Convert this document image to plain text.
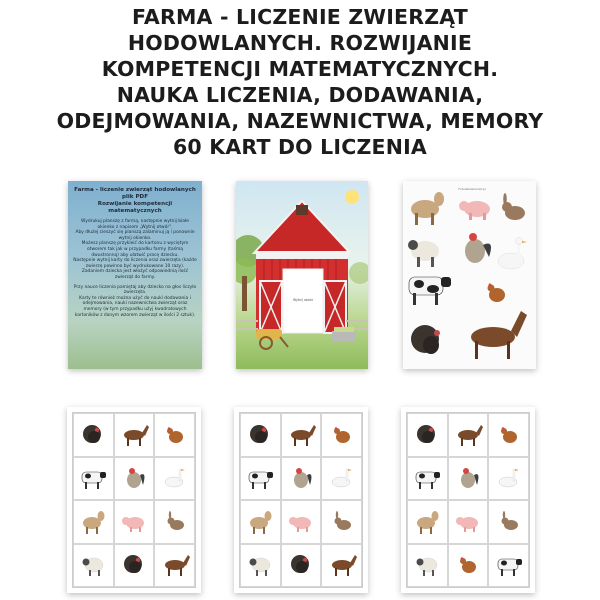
FARMA - LICZENIE ZWIERZĄT
HODOWLANYCH. ROZWIJANIE
KOMPETENCJI MATEMATYCZNYCH.
NAUKA LICZENIA, DODAWANIA,
ODEJMOWANIA, NAZEWNICTWA, MEMORY
60 KART DO LICZENIA
Farma - liczenie zwierząt hodowlanych
plik PDF
Rozwijanie kompetencji matematycznych
Wydrukuj planszę z farmą, następnie wytnij białe okienko z napisem „Wytnij otwór".
Aby dłużej cieszyć się planszą zalaminuj ją i ponownie wytnij okienko.
Możesz planszę przykleić do kartonu z wyciętym otworem tak jak w przypadku farmy (taśmą dwustronną) aby ułatwić pracę dziecku.
Następnie wytnij karty do liczenia oraz zwierzęta (każde zwierzę powinno być wydrukowane 10 razy).
Zadaniem dziecka jest włożyć odpowiednią ilość zwierząt do farmy.
Przy nauce liczenia pamiętaj aby dziecko na głos liczyło zwierzęta.
Karty te również można użyć do nauki dodawania i odejmowania, nauki nazewnictwa zwierząt oraz memory (w tym przypadku użyj kwadratowych kartoników z danym wzorem zwierząt w ilości 2 sztuk).
Wytnij otwór
Fotolabzwierzat.pl
